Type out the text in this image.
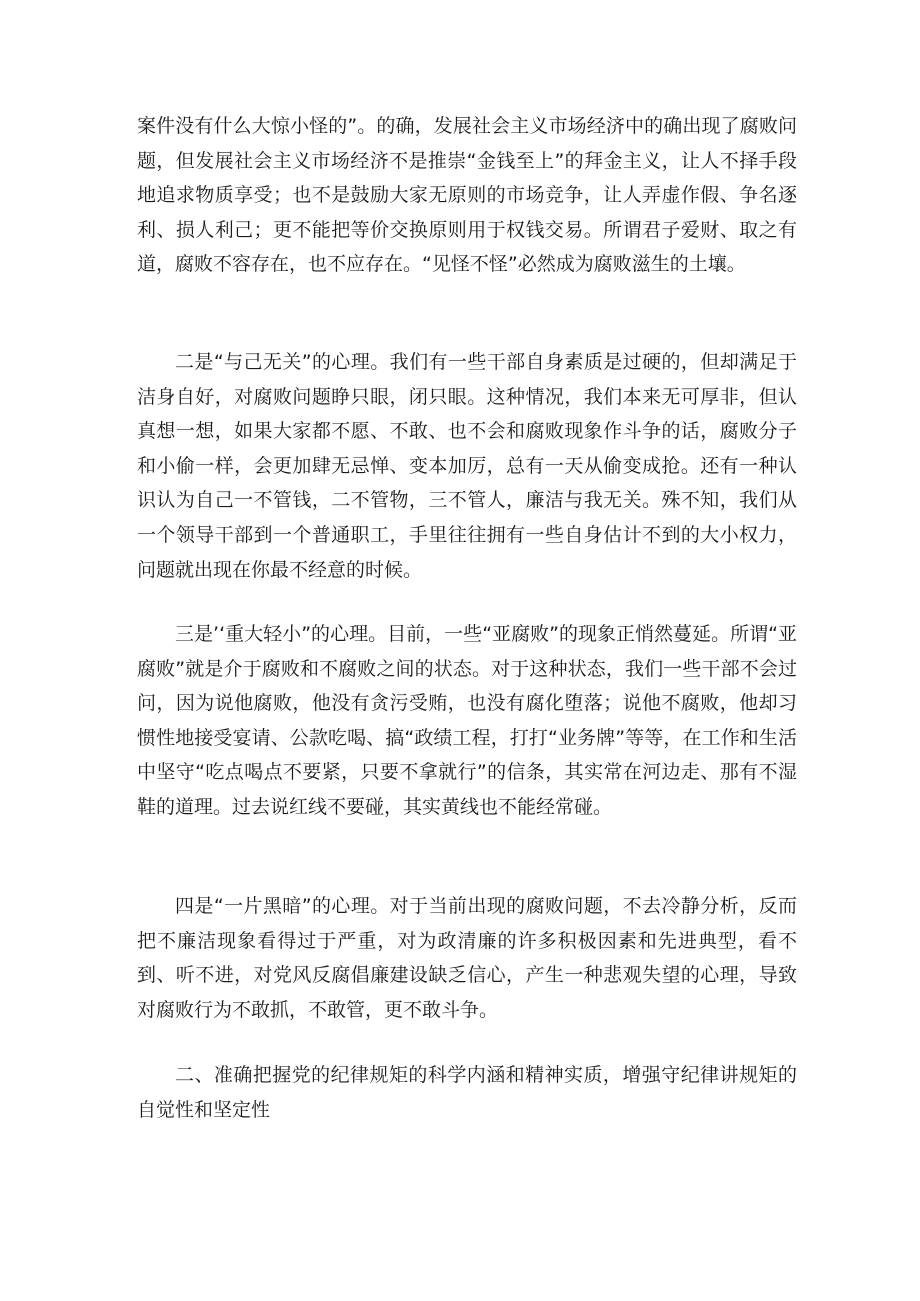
案件没有什么大惊小怪的”。的确，发展社会主义市场经济中的确出现了腐败问题，但发展社会主义市场经济不是推崇“金钱至上”的拜金主义，让人不择手段地追求物质享受；也不是鼓励大家无原则的市场竞争，让人弄虚作假、争名逐利、损人利己；更不能把等价交换原则用于权钱交易。所谓君子爱财、取之有道，腐败不容存在，也不应存在。“见怪不怪”必然成为腐败滋生的土壤。

二是“与己无关”的心理。我们有一些干部自身素质是过硬的，但却满足于洁身自好，对腐败问题睁只眼，闭只眼。这种情况，我们本来无可厚非，但认真想一想，如果大家都不愿、不敢、也不会和腐败现象作斗争的话，腐败分子和小偷一样，会更加肆无忌惮、变本加厉，总有一天从偷变成抢。还有一种认识认为自己一不管钱，二不管物，三不管人，廉洁与我无关。殊不知，我们从一个领导干部到一个普通职工，手里往往拥有一些自身估计不到的大小权力，问题就出现在你最不经意的时候。

三是’‘重大轻小”的心理。目前，一些“亚腐败”的现象正悄然蔓延。所谓“亚腐败”就是介于腐败和不腐败之间的状态。对于这种状态，我们一些干部不会过问，因为说他腐败，他没有贪污受贿，也没有腐化堕落；说他不腐败，他却习惯性地接受宴请、公款吃喝、搞“政绩工程，打打“业务牌”等等，在工作和生活中坚守“吃点喝点不要紧，只要不拿就行”的信条，其实常在河边走、那有不湿鞋的道理。过去说红线不要碰，其实黄线也不能经常碰。

四是“一片黑暗”的心理。对于当前出现的腐败问题，不去冷静分析，反而把不廉洁现象看得过于严重，对为政清廉的许多积极因素和先进典型，看不到、听不进，对党风反腐倡廉建设缺乏信心，产生一种悲观失望的心理，导致对腐败行为不敢抓，不敢管，更不敢斗争。

二、准确把握党的纪律规矩的科学内涵和精神实质，增强守纪律讲规矩的自觉性和坚定性
